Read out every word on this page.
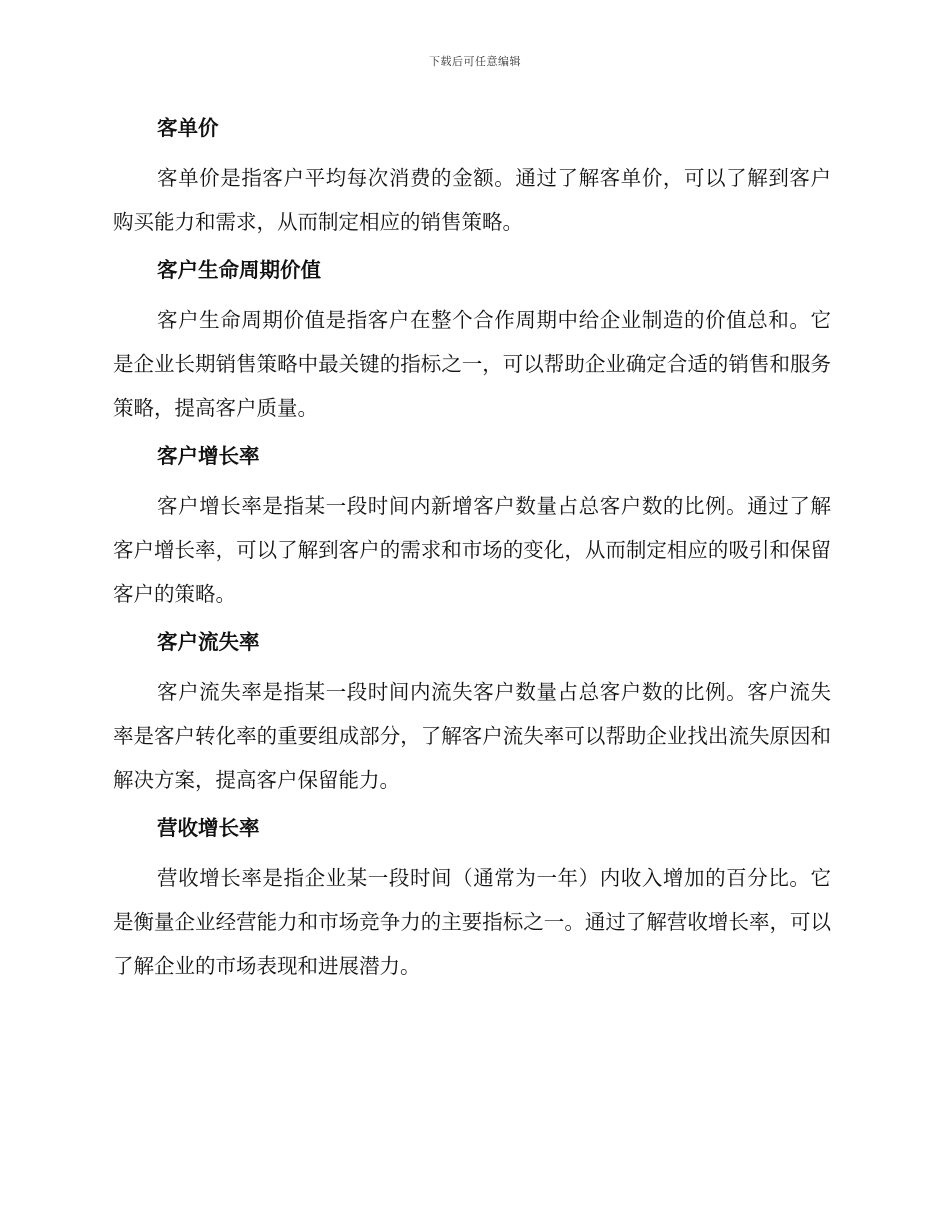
下载后可任意编辑
客单价

客单价是指客户平均每次消费的金额。通过了解客单价，可以了解到客户购买能力和需求，从而制定相应的销售策略。

客户生命周期价值

客户生命周期价值是指客户在整个合作周期中给企业制造的价值总和。它是企业长期销售策略中最关键的指标之一，可以帮助企业确定合适的销售和服务策略，提高客户质量。

客户增长率

客户增长率是指某一段时间内新增客户数量占总客户数的比例。通过了解客户增长率，可以了解到客户的需求和市场的变化，从而制定相应的吸引和保留客户的策略。

客户流失率

客户流失率是指某一段时间内流失客户数量占总客户数的比例。客户流失率是客户转化率的重要组成部分，了解客户流失率可以帮助企业找出流失原因和解决方案，提高客户保留能力。

营收增长率

营收增长率是指企业某一段时间（通常为一年）内收入增加的百分比。它是衡量企业经营能力和市场竞争力的主要指标之一。通过了解营收增长率，可以了解企业的市场表现和进展潜力。
